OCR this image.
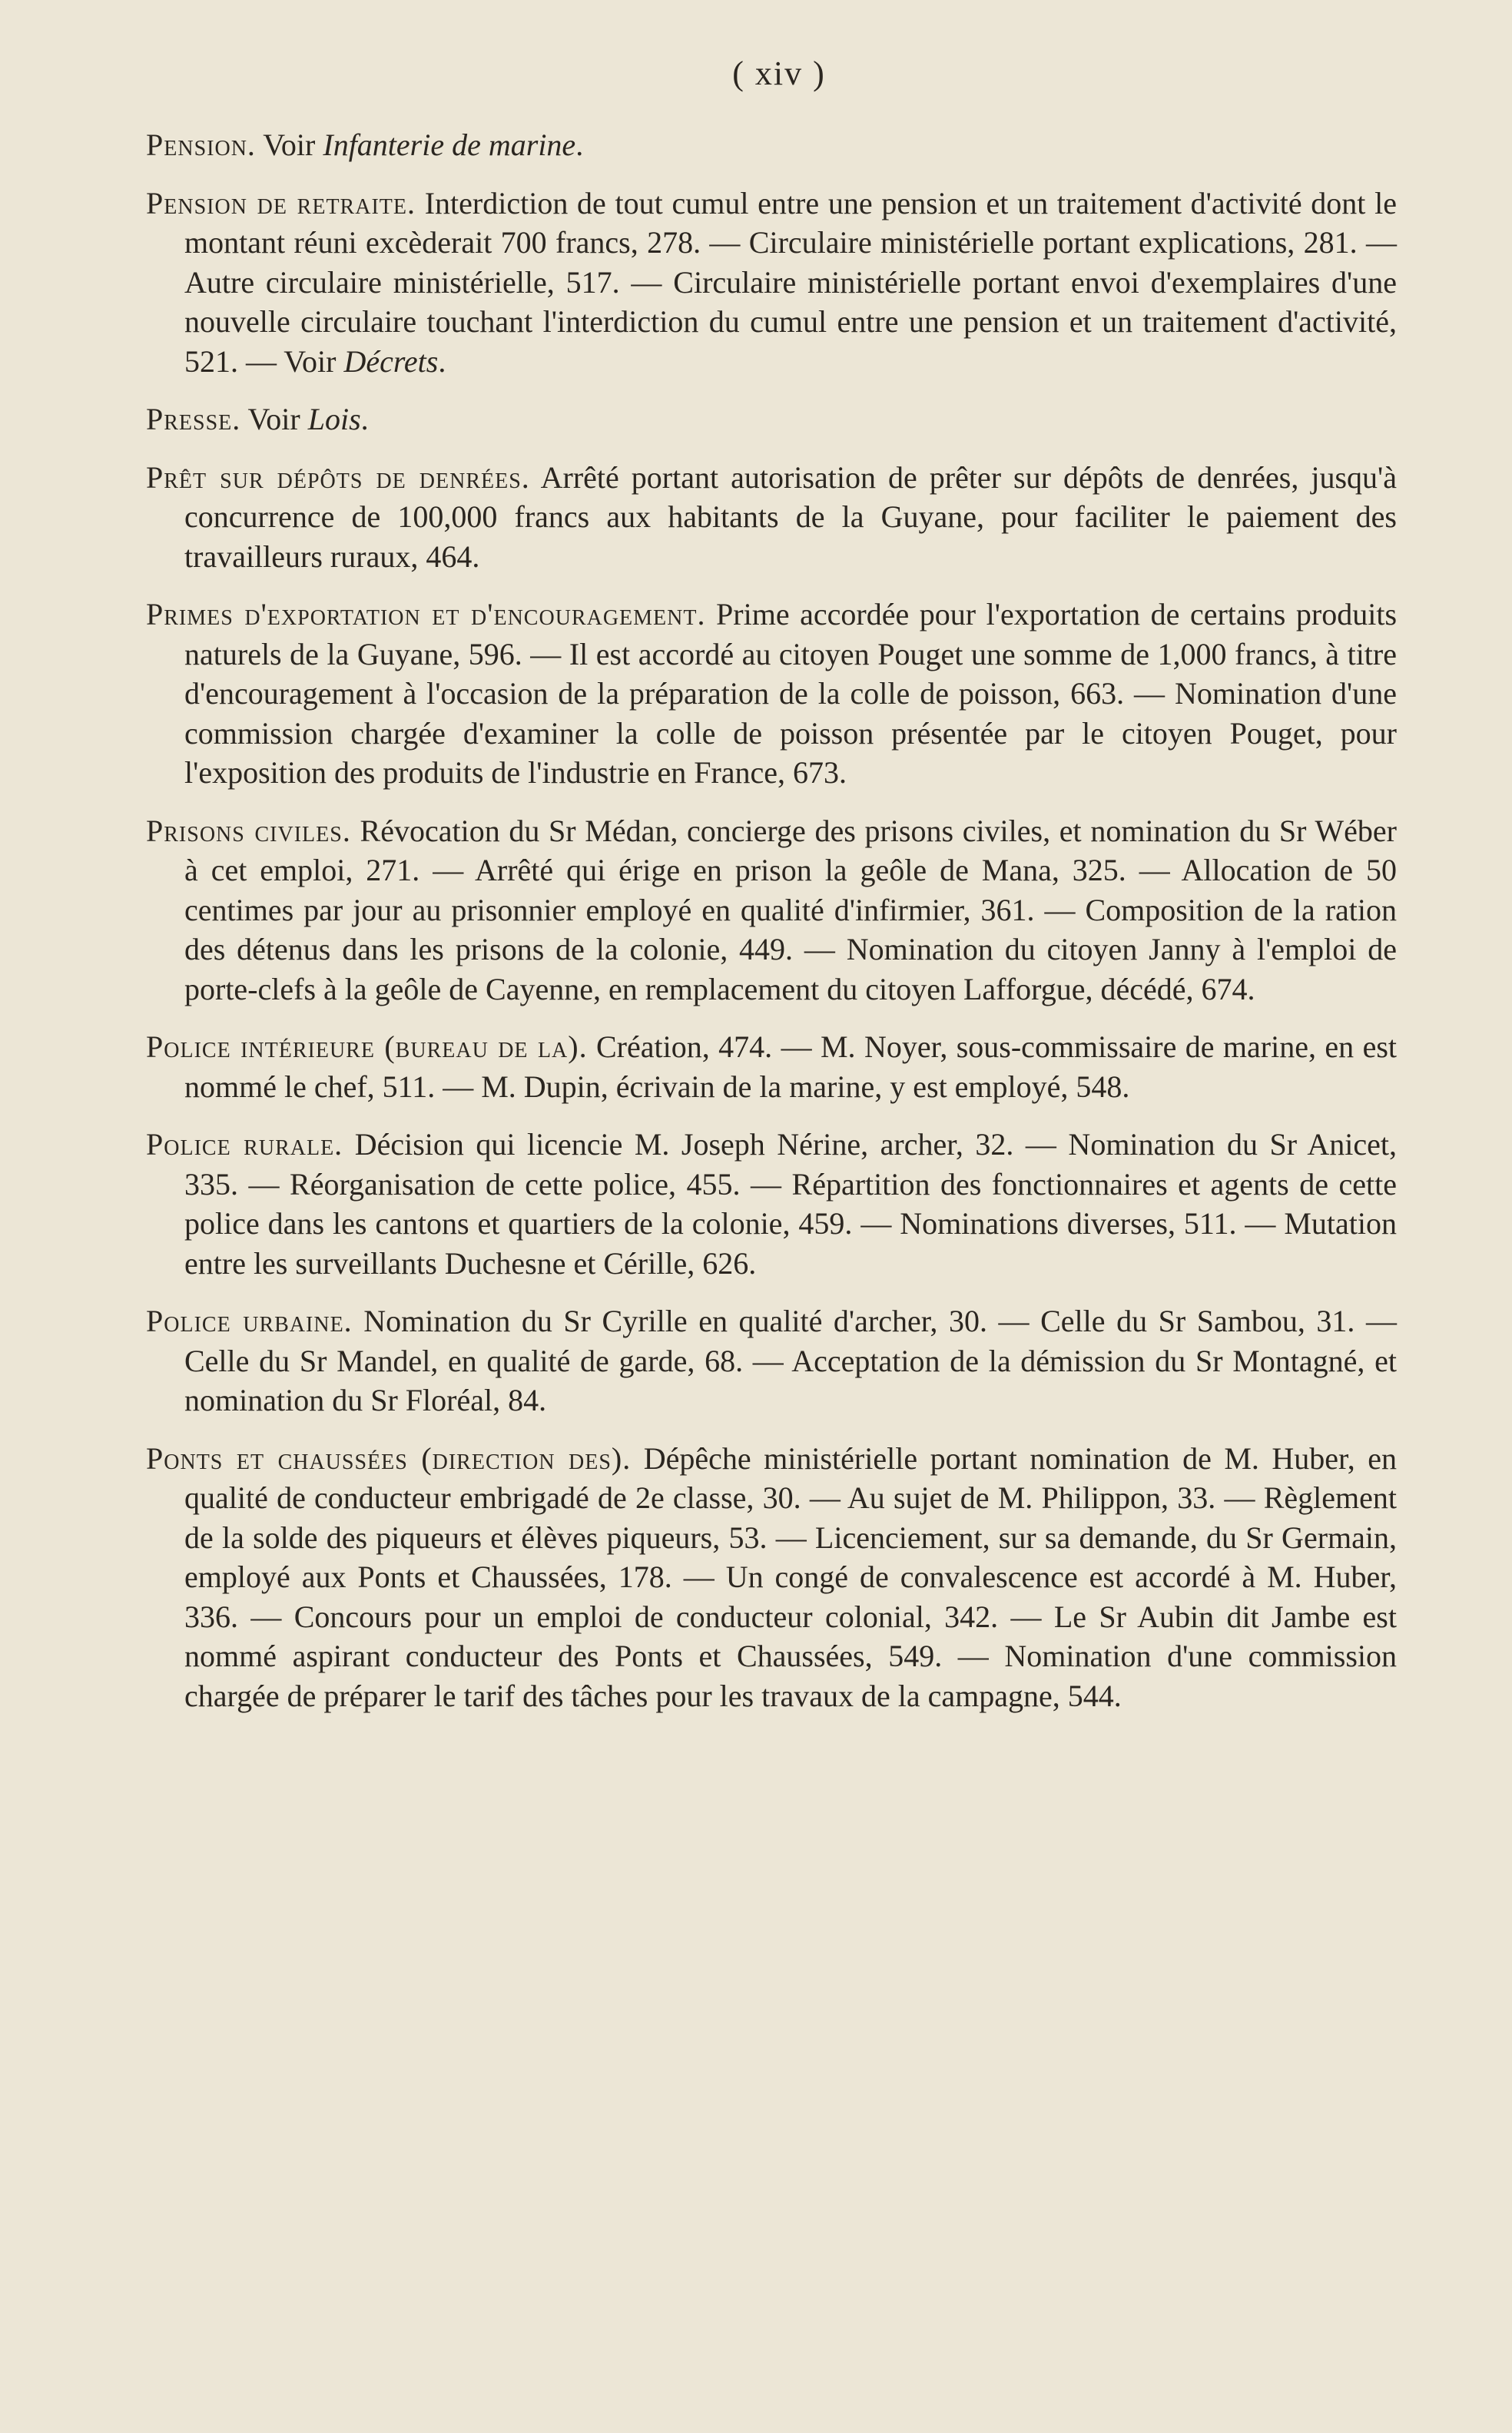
( xiv )
Pension. Voir Infanterie de marine.
Pension de retraite. Interdiction de tout cumul entre une pension et un traitement d'activité dont le montant réuni excèderait 700 francs, 278. — Circulaire ministérielle portant explications, 281. — Autre circulaire ministérielle, 517. — Circulaire ministérielle portant envoi d'exemplaires d'une nouvelle circulaire touchant l'interdiction du cumul entre une pension et un traitement d'activité, 521. — Voir Décrets.
Presse. Voir Lois.
Prêt sur dépôts de denrées. Arrêté portant autorisation de prêter sur dépôts de denrées, jusqu'à concurrence de 100,000 francs aux habitants de la Guyane, pour faciliter le paiement des travailleurs ruraux, 464.
Primes d'exportation et d'encouragement. Prime accordée pour l'exportation de certains produits naturels de la Guyane, 596. — Il est accordé au citoyen Pouget une somme de 1,000 francs, à titre d'encouragement à l'occasion de la préparation de la colle de poisson, 663. — Nomination d'une commission chargée d'examiner la colle de poisson présentée par le citoyen Pouget, pour l'exposition des produits de l'industrie en France, 673.
Prisons civiles. Révocation du Sr Médan, concierge des prisons civiles, et nomination du Sr Wéber à cet emploi, 271. — Arrêté qui érige en prison la geôle de Mana, 325. — Allocation de 50 centimes par jour au prisonnier employé en qualité d'infirmier, 361. — Composition de la ration des détenus dans les prisons de la colonie, 449. — Nomination du citoyen Janny à l'emploi de porte-clefs à la geôle de Cayenne, en remplacement du citoyen Lafforgue, décédé, 674.
Police intérieure (bureau de la). Création, 474. — M. Noyer, sous-commissaire de marine, en est nommé le chef, 511. — M. Dupin, écrivain de la marine, y est employé, 548.
Police rurale. Décision qui licencie M. Joseph Nérine, archer, 32. — Nomination du Sr Anicet, 335. — Réorganisation de cette police, 455. — Répartition des fonctionnaires et agents de cette police dans les cantons et quartiers de la colonie, 459. — Nominations diverses, 511. — Mutation entre les surveillants Duchesne et Cérille, 626.
Police urbaine. Nomination du Sr Cyrille en qualité d'archer, 30. — Celle du Sr Sambou, 31. — Celle du Sr Mandel, en qualité de garde, 68. — Acceptation de la démission du Sr Montagné, et nomination du Sr Floréal, 84.
Ponts et chaussées (direction des). Dépêche ministérielle portant nomination de M. Huber, en qualité de conducteur embrigadé de 2e classe, 30. — Au sujet de M. Philippon, 33. — Règlement de la solde des piqueurs et élèves piqueurs, 53. — Licenciement, sur sa demande, du Sr Germain, employé aux Ponts et Chaussées, 178. — Un congé de convalescence est accordé à M. Huber, 336. — Concours pour un emploi de conducteur colonial, 342. — Le Sr Aubin dit Jambe est nommé aspirant conducteur des Ponts et Chaussées, 549. — Nomination d'une commission chargée de préparer le tarif des tâches pour les travaux de la campagne, 544.
